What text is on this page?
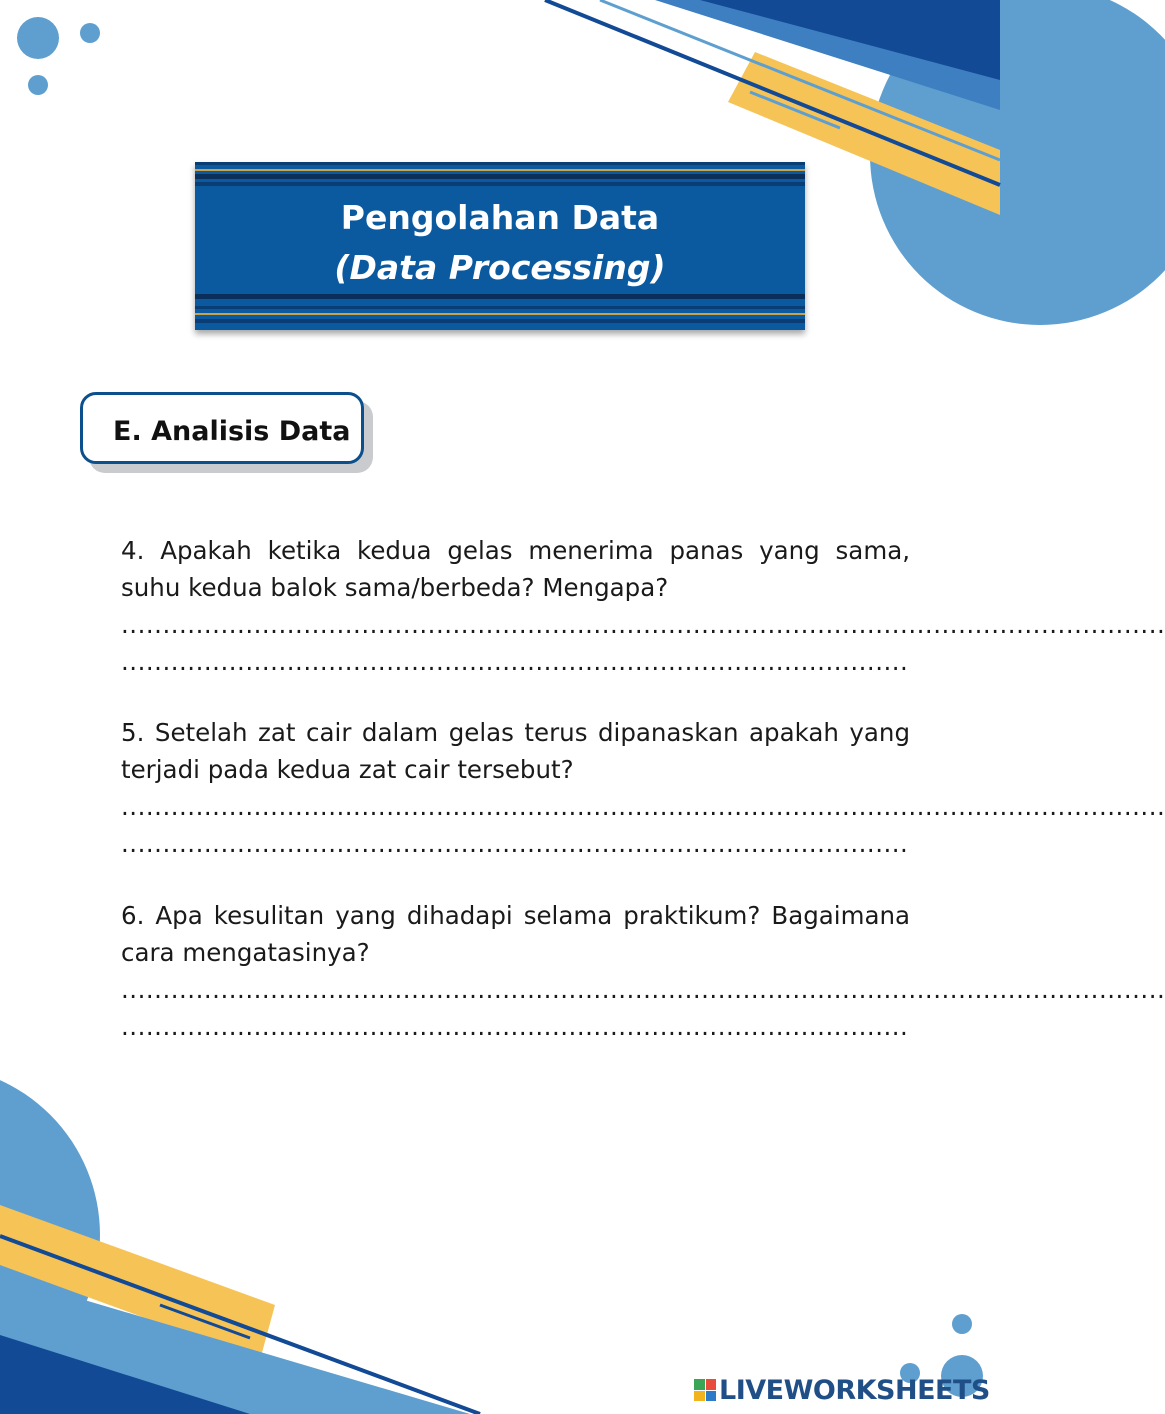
Pengolahan Data
(Data Processing)
E. Analisis Data

4. Apakah ketika kedua gelas menerima panas yang sama, suhu kedua balok sama/berbeda? Mengapa?

..............................................................................................................................
...............................................................................................

5. Setelah zat cair dalam gelas terus dipanaskan apakah yang terjadi pada kedua zat cair tersebut?

..............................................................................................................................
...............................................................................................

6. Apa kesulitan yang dihadapi selama praktikum? Bagaimana cara mengatasinya?

..............................................................................................................................
...............................................................................................
LIVEWORKSHEETS
